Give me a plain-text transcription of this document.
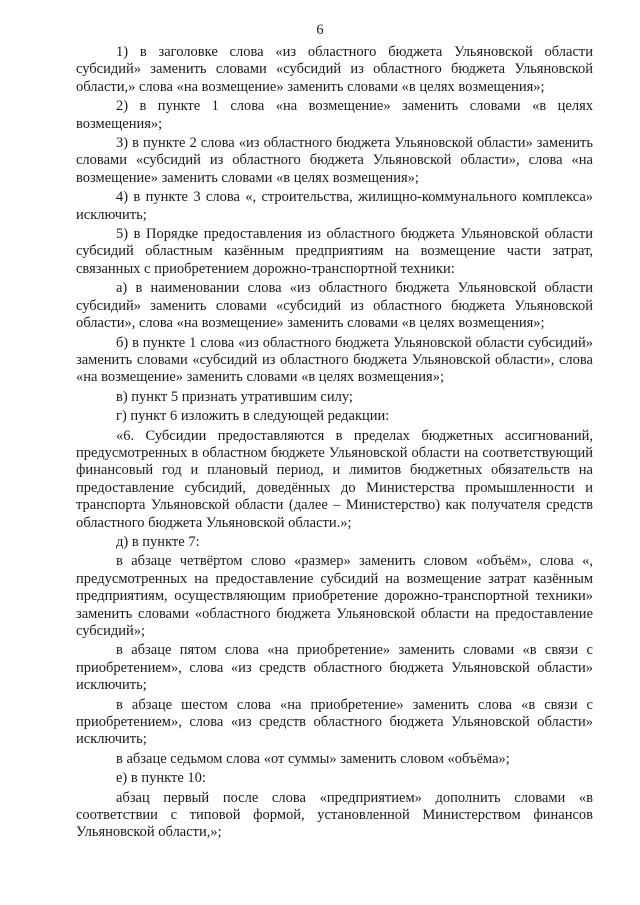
6

1) в заголовке слова «из областного бюджета Ульяновской области субсидий» заменить словами «субсидий из областного бюджета Ульяновской области,» слова «на возмещение» заменить словами «в целях возмещения»;

2) в пункте 1 слова «на возмещение» заменить словами «в целях возмещения»;

3) в пункте 2 слова «из областного бюджета Ульяновской области» заменить словами «субсидий из областного бюджета Ульяновской области», слова «на возмещение» заменить словами «в целях возмещения»;

4) в пункте 3 слова «, строительства, жилищно-коммунального комплекса» исключить;

5) в Порядке предоставления из областного бюджета Ульяновской области субсидий областным казённым предприятиям на возмещение части затрат, связанных с приобретением дорожно-транспортной техники:

а) в наименовании слова «из областного бюджета Ульяновской области субсидий» заменить словами «субсидий из областного бюджета Ульяновской области», слова «на возмещение» заменить словами «в целях возмещения»;

б) в пункте 1 слова «из областного бюджета Ульяновской области субсидий» заменить словами «субсидий из областного бюджета Ульяновской области», слова «на возмещение» заменить словами «в целях возмещения»;

в) пункт 5 признать утратившим силу;

г) пункт 6 изложить в следующей редакции:

«6. Субсидии предоставляются в пределах бюджетных ассигнований, предусмотренных в областном бюджете Ульяновской области на соответствующий финансовый год и плановый период, и лимитов бюджетных обязательств на предоставление субсидий, доведённых до Министерства промышленности и транспорта Ульяновской области (далее – Министерство) как получателя средств областного бюджета Ульяновской области.»;

д) в пункте 7:

в абзаце четвёртом слово «размер» заменить словом «объём», слова «, предусмотренных на предоставление субсидий на возмещение затрат казённым предприятиям, осуществляющим приобретение дорожно-транспортной техники» заменить словами «областного бюджета Ульяновской области на предоставление субсидий»;

в абзаце пятом слова «на приобретение» заменить словами «в связи с приобретением», слова «из средств областного бюджета Ульяновской области» исключить;

в абзаце шестом слова «на приобретение» заменить слова «в связи с приобретением», слова «из средств областного бюджета Ульяновской области» исключить;

в абзаце седьмом слова «от суммы» заменить словом «объёма»;

е) в пункте 10:

абзац первый после слова «предприятием» дополнить словами «в соответствии с типовой формой, установленной Министерством финансов Ульяновской области,»;
